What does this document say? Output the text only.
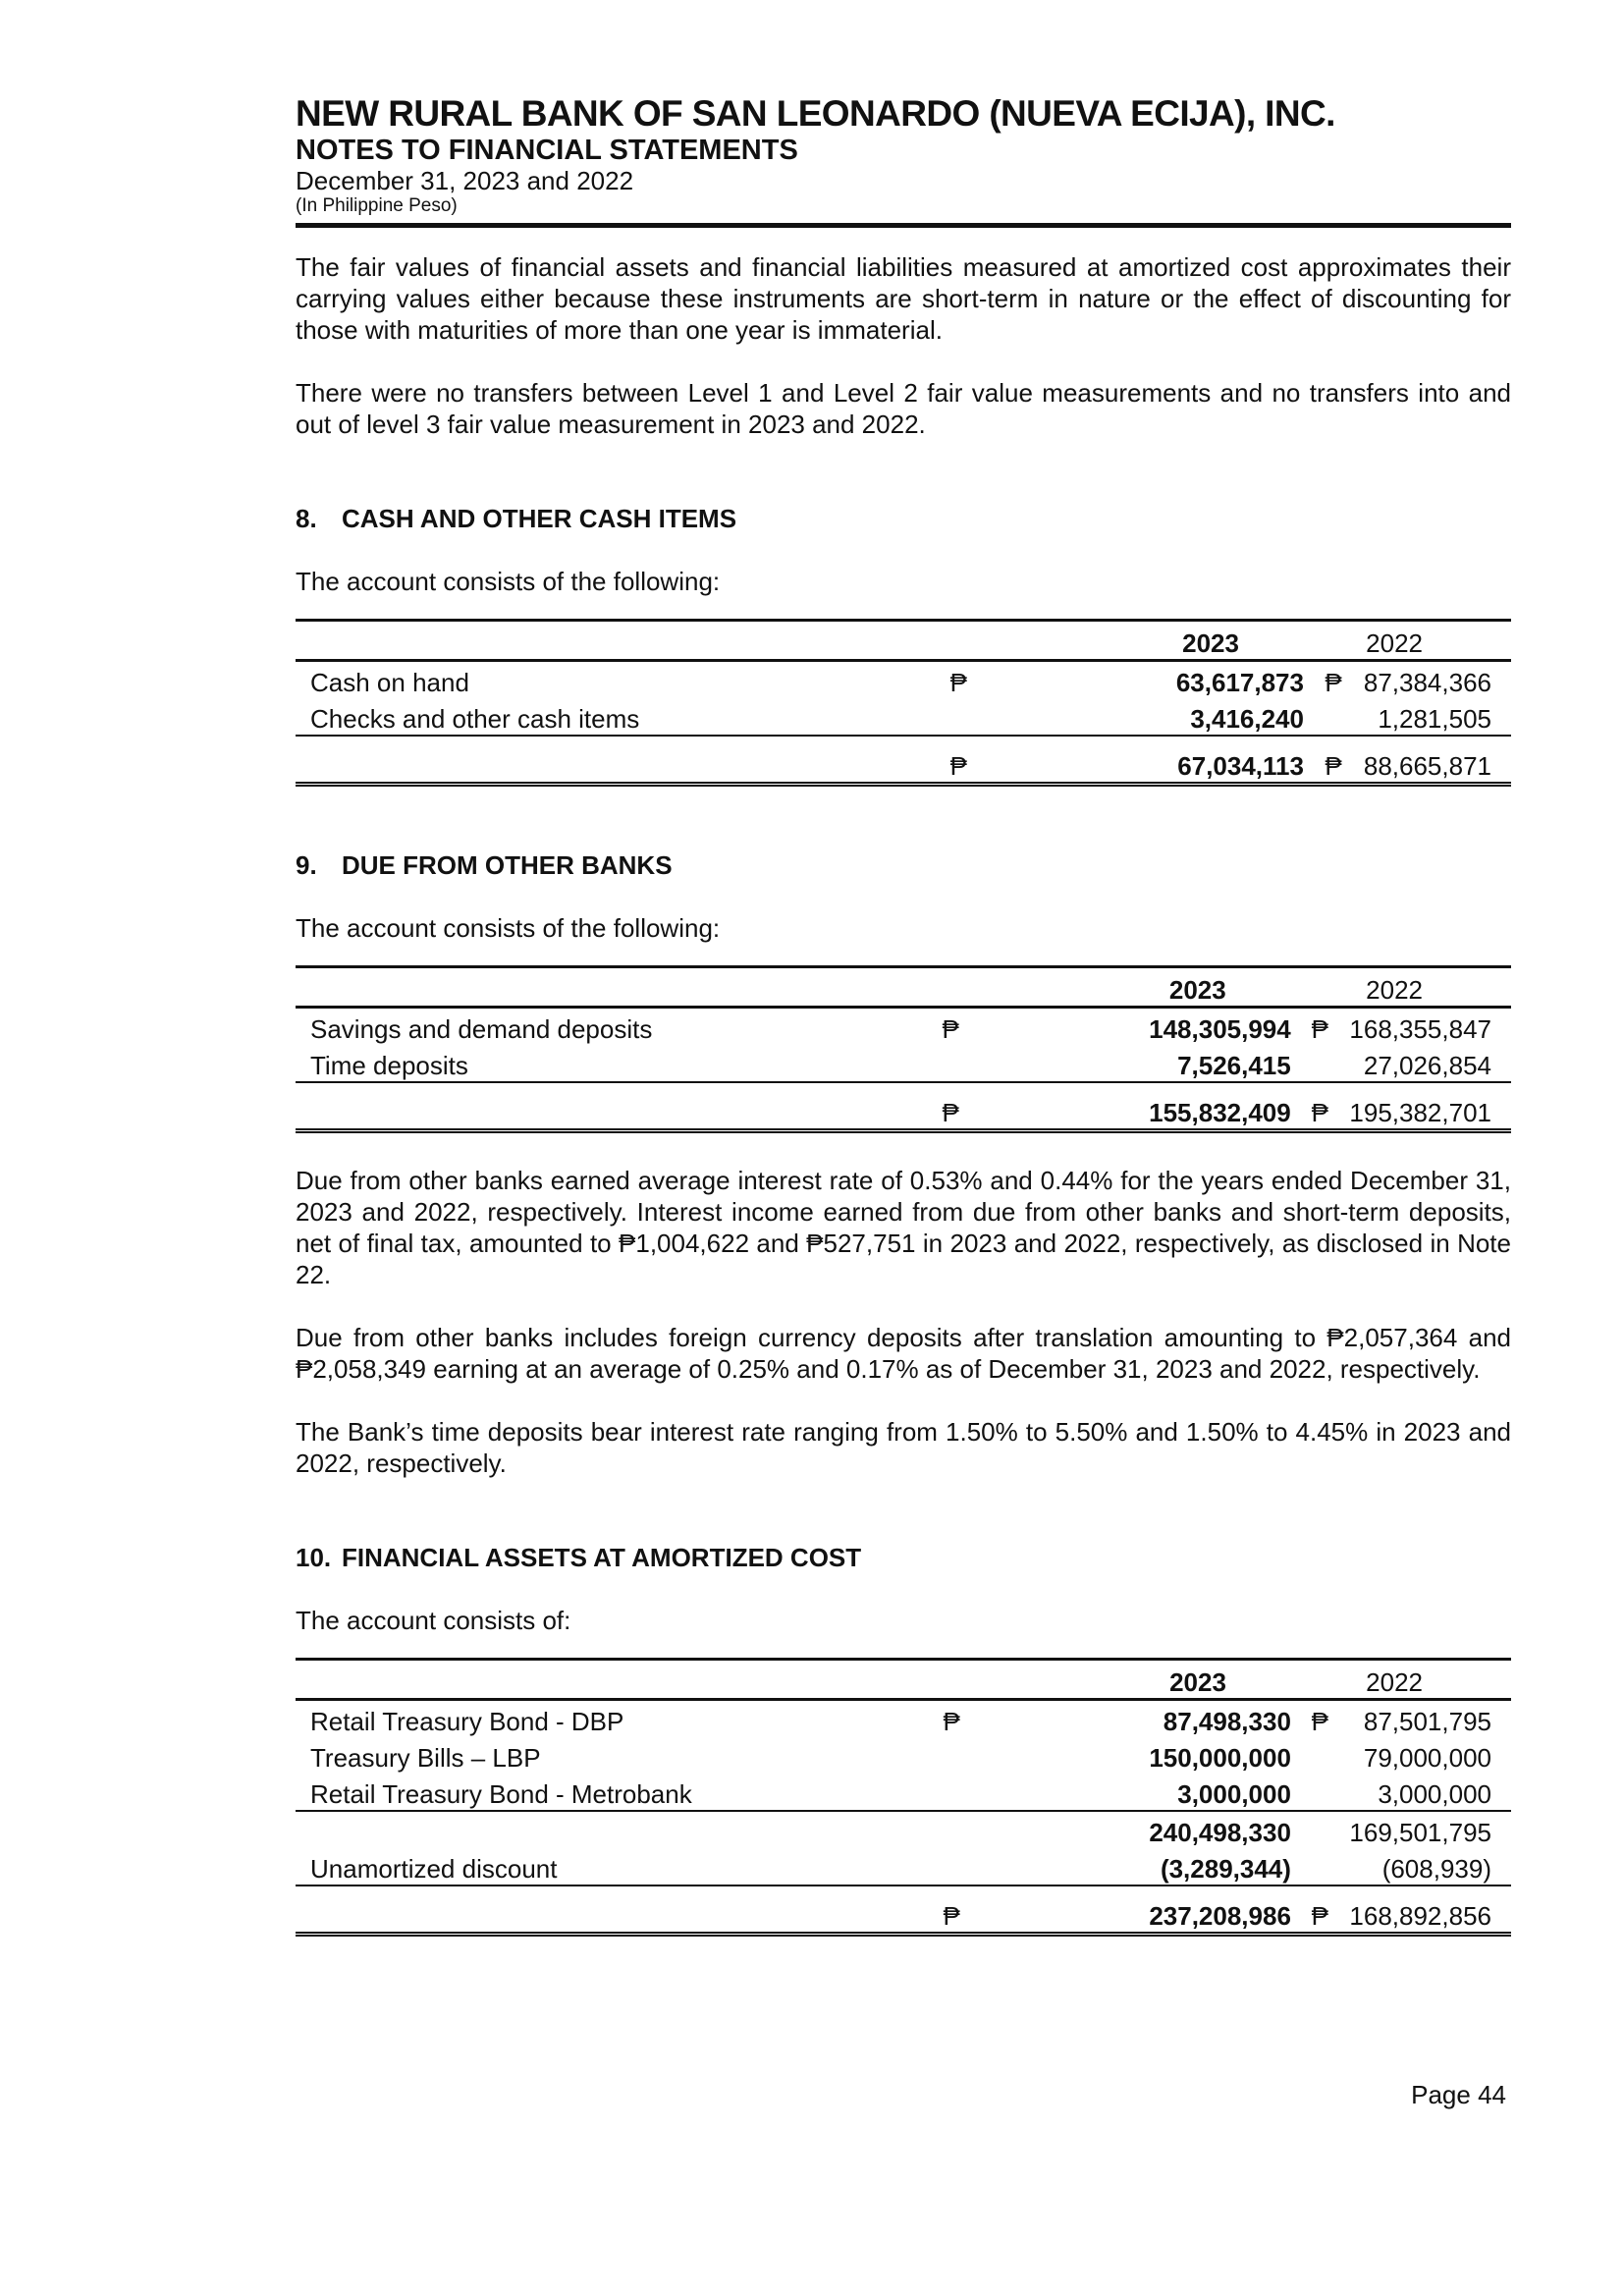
NEW RURAL BANK OF SAN LEONARDO (NUEVA ECIJA), INC.

NOTES TO FINANCIAL STATEMENTS

December 31, 2023 and 2022

(In Philippine Peso)

The fair values of financial assets and financial liabilities measured at amortized cost approximates their carrying values either because these instruments are short-term in nature or the effect of discounting for those with maturities of more than one year is immaterial.

There were no transfers between Level 1 and Level 2 fair value measurements and no transfers into and out of level 3 fair value measurement in 2023 and 2022.

8. CASH AND OTHER CASH ITEMS

The account consists of the following:

		2023			2022
Cash on hand	₱	63,617,873		₱	87,384,366
Checks and other cash items		3,416,240			1,281,505
	₱	67,034,113		₱	88,665,871

9. DUE FROM OTHER BANKS

The account consists of the following:

		2023			2022
Savings and demand deposits	₱	148,305,994		₱	168,355,847
Time deposits		7,526,415			27,026,854
	₱	155,832,409		₱	195,382,701

Due from other banks earned average interest rate of 0.53% and 0.44% for the years ended December 31, 2023 and 2022, respectively. Interest income earned from due from other banks and short-term deposits, net of final tax, amounted to ₱1,004,622 and ₱527,751 in 2023 and 2022, respectively, as disclosed in Note 22.

Due from other banks includes foreign currency deposits after translation amounting to ₱2,057,364 and ₱2,058,349 earning at an average of 0.25% and 0.17% as of December 31, 2023 and 2022, respectively.

The Bank’s time deposits bear interest rate ranging from 1.50% to 5.50% and 1.50% to 4.45% in 2023 and 2022, respectively.

10. FINANCIAL ASSETS AT AMORTIZED COST

The account consists of:

		2023			2022
Retail Treasury Bond - DBP	₱	87,498,330		₱	87,501,795
Treasury Bills – LBP		150,000,000			79,000,000
Retail Treasury Bond - Metrobank		3,000,000			3,000,000
		240,498,330			169,501,795
Unamortized discount		(3,289,344)			(608,939)
	₱	237,208,986		₱	168,892,856
Page 44
